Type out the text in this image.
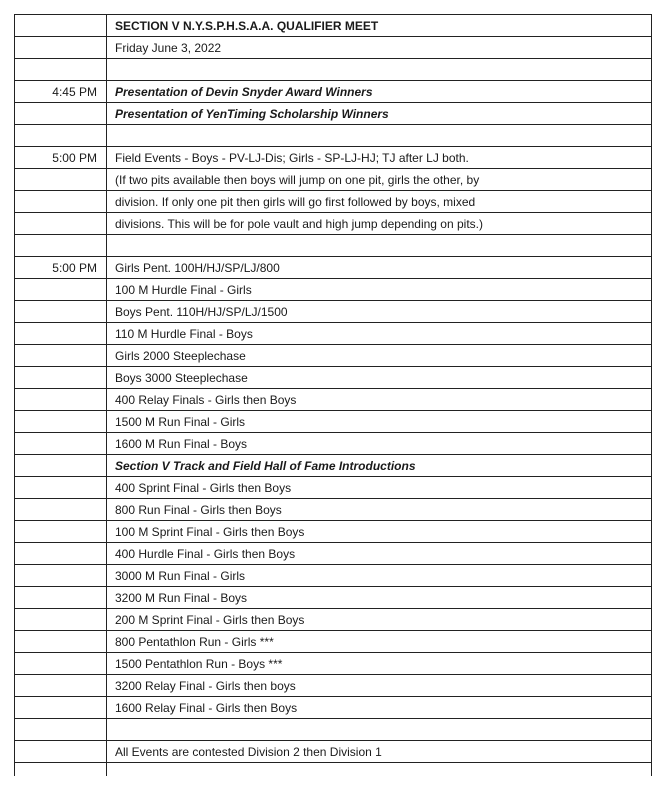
SECTION V N.Y.S.P.H.S.A.A. QUALIFIER MEET
Friday June 3, 2022
4:45 PM	Presentation of Devin Snyder Award Winners
Presentation of YenTiming Scholarship Winners
5:00 PM	Field Events - Boys - PV-LJ-Dis; Girls - SP-LJ-HJ; TJ after LJ both.
(If two pits available then boys will jump on one pit, girls the other, by
division. If only one pit then girls will go first followed by boys, mixed
divisions. This will be for pole vault and high jump depending on pits.)
5:00 PM	Girls Pent. 100H/HJ/SP/LJ/800
100 M Hurdle Final - Girls
Boys Pent. 110H/HJ/SP/LJ/1500
110 M Hurdle Final - Boys
Girls 2000 Steeplechase
Boys 3000 Steeplechase
400 Relay Finals - Girls then Boys
1500 M Run Final - Girls
1600 M Run Final - Boys
Section V Track and Field Hall of Fame Introductions
400 Sprint Final - Girls then Boys
800 Run Final - Girls then Boys
100 M Sprint Final - Girls then Boys
400 Hurdle Final - Girls then Boys
3000 M Run Final - Girls
3200 M Run Final - Boys
200 M Sprint Final - Girls then Boys
800 Pentathlon Run - Girls ***
1500 Pentathlon Run - Boys ***
3200 Relay Final - Girls then boys
1600 Relay Final - Girls then Boys
All Events are contested Division 2 then Division 1
